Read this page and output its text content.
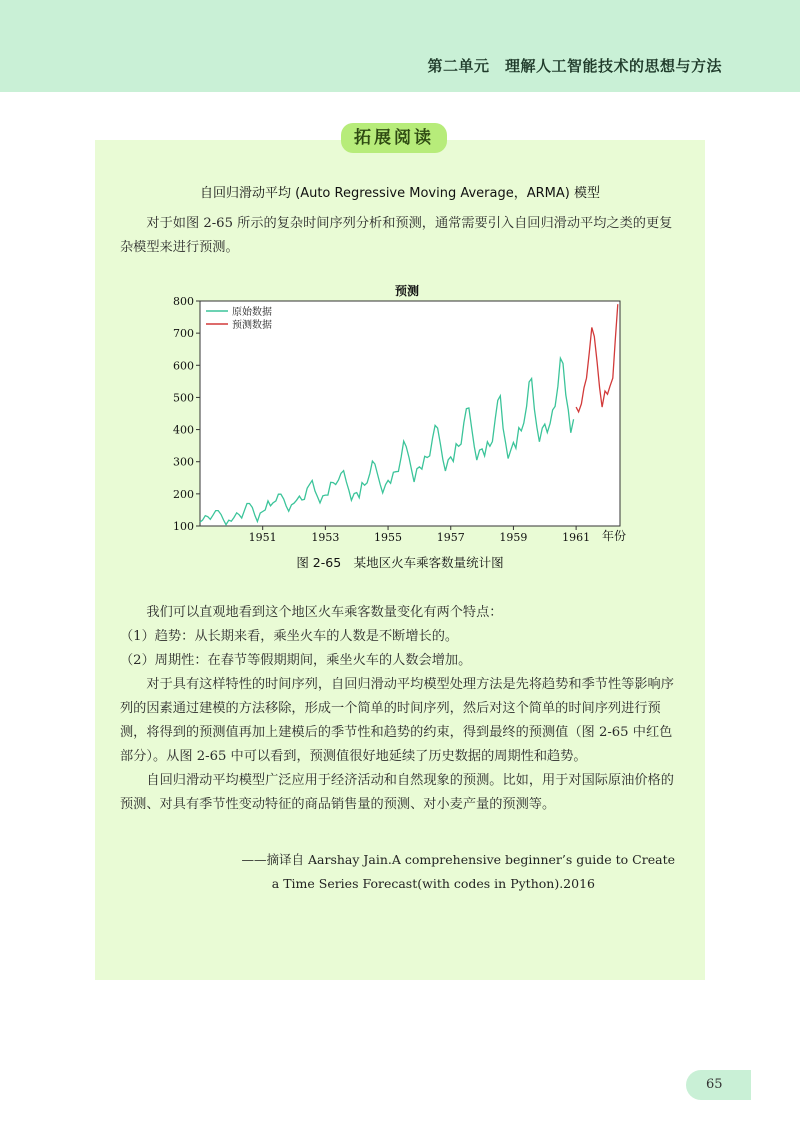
第二单元　理解人工智能技术的思想与方法
拓展阅读
自回归滑动平均 (Auto Regressive Moving Average，ARMA) 模型

对于如图 2-65 所示的复杂时间序列分析和预测，通常需要引入自回归滑动平均之类的更复杂模型来进行预测。

预测
100
200
300
400
500
600
700
800
1951	1953	1955	1957	1959	1961
原始数据
预测数据
年份
图 2-65　某地区火车乘客数量统计图

我们可以直观地看到这个地区火车乘客数量变化有两个特点：

（1）趋势：从长期来看，乘坐火车的人数是不断增长的。

（2）周期性：在春节等假期期间，乘坐火车的人数会增加。

对于具有这样特性的时间序列，自回归滑动平均模型处理方法是先将趋势和季节性等影响序列的因素通过建模的方法移除，形成一个简单的时间序列，然后对这个简单的时间序列进行预测，将得到的预测值再加上建模后的季节性和趋势的约束，得到最终的预测值（图 2-65 中红色部分）。从图 2-65 中可以看到，预测值很好地延续了历史数据的周期性和趋势。

自回归滑动平均模型广泛应用于经济活动和自然现象的预测。比如，用于对国际原油价格的预测、对具有季节性变动特征的商品销售量的预测、对小麦产量的预测等。

——摘译自 Aarshay Jain.A comprehensive beginner’s guide to Create

a Time Series Forecast(with codes in Python).2016

65
